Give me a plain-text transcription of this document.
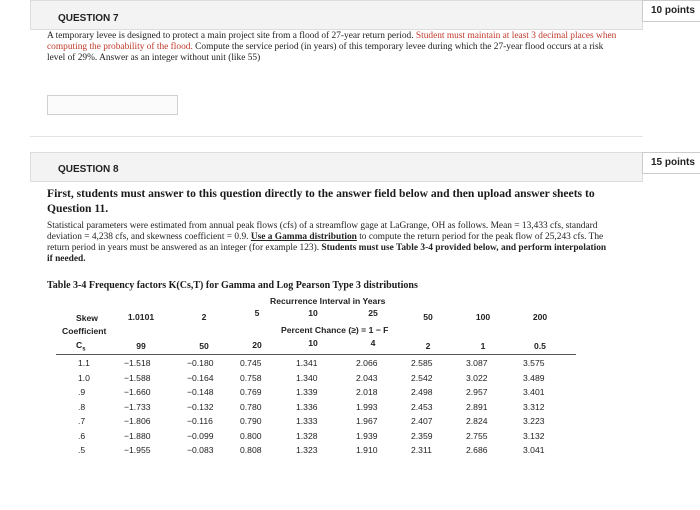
QUESTION 7
10 points
A temporary levee is designed to protect a main project site from a flood of 27-year return period. Student must maintain at least 3 decimal places when computing the probability of the flood. Compute the service period (in years) of this temporary levee during which the 27-year flood occurs at a risk level of 29%. Answer as an integer without unit (like 55)
QUESTION 8
15 points
First, students must answer to this question directly to the answer field below and then upload answer sheets to Question 11.
Statistical parameters were estimated from annual peak flows (cfs) of a streamflow gage at LaGrange, OH as follows. Mean = 13,433 cfs, standard deviation = 4,238 cfs, and skewness coefficient = 0.9. Use a Gamma distribution to compute the return period for the peak flow of 25,243 cfs. The return period in years must be answered as an integer (for example 123). Students must use Table 3-4 provided below, and perform interpolation if needed.
Table 3-4 Frequency factors K(Cs,T) for Gamma and Log Pearson Type 3 distributions
Recurrence Interval in Years
Skew
Coefficient	Percent Chance (≥) = 1 − F
$C_s$
1.0101	2	5	10	25	50	100	200
99	50	20	10	4	2	1	0.5
1.1	−1.518	−0.180	0.745	1.341	2.066	2.585	3.087	3.575
1.0	−1.588	−0.164	0.758	1.340	2.043	2.542	3.022	3.489
.9	−1.660	−0.148	0.769	1.339	2.018	2.498	2.957	3.401
.8	−1.733	−0.132	0.780	1.336	1.993	2.453	2.891	3.312
.7	−1.806	−0.116	0.790	1.333	1.967	2.407	2.824	3.223
.6	−1.880	−0.099	0.800	1.328	1.939	2.359	2.755	3.132
.5	−1.955	−0.083	0.808	1.323	1.910	2.311	2.686	3.041
